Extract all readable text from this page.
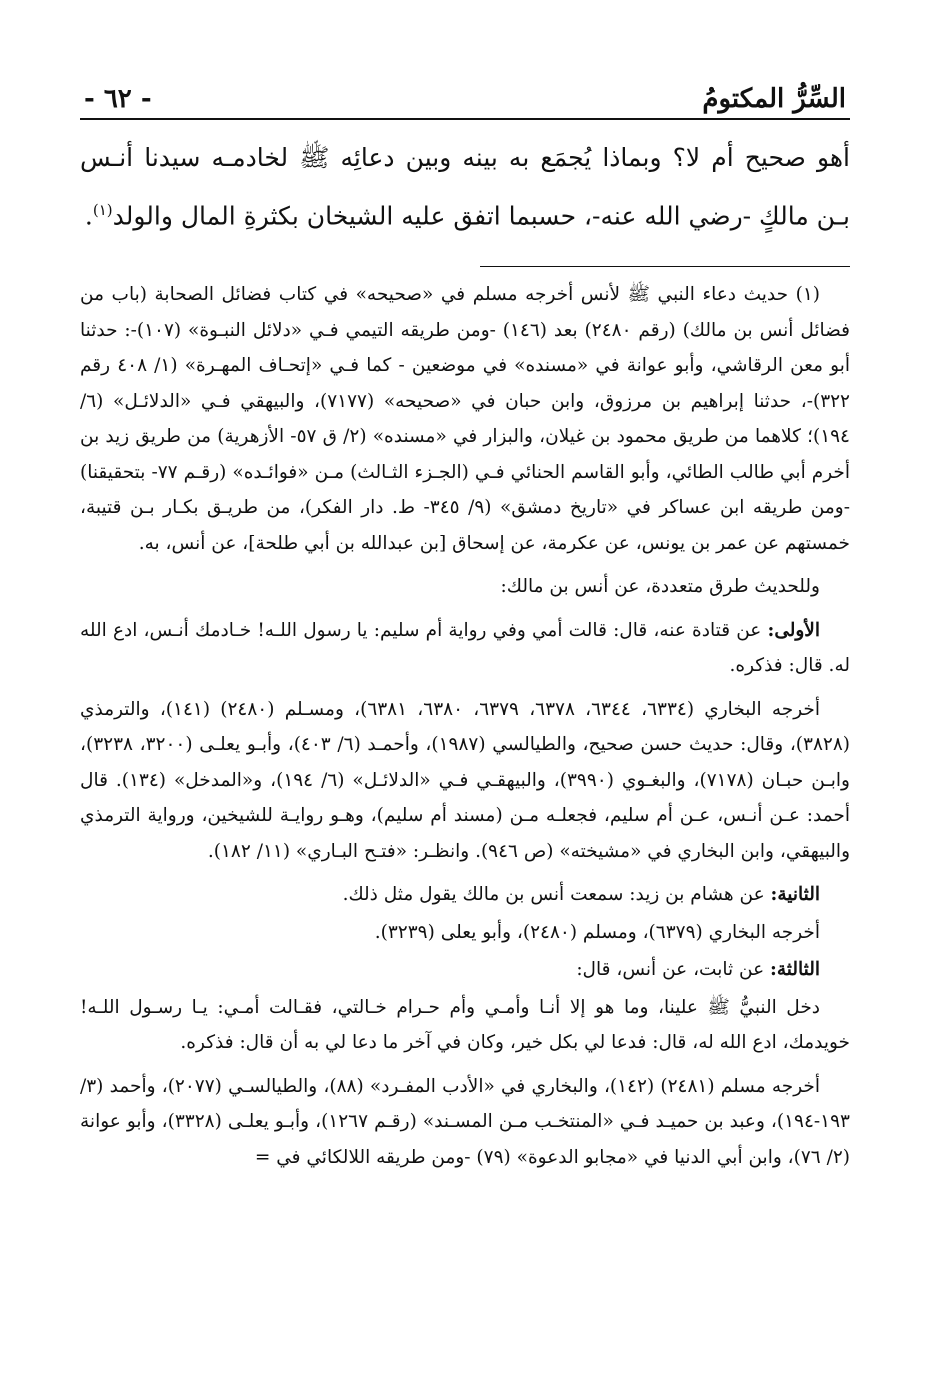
السِّرُّ المكتومُ
- ٦٢ -

أهو صحيح أم لا؟ وبماذا يُجمَع به بينه وبين دعائِه ﷺ لخادمـه سيدنا أنـس بـن مالكٍ -رضي الله عنه-، حسبما اتفق عليه الشيخان بكثرةِ المال والولد$^{(١)}$.

(١) حديث دعاء النبي ﷺ لأنس أخرجه مسلم في «صحيحه» في كتاب فضائل الصحابة (باب من فضائل أنس بن مالك) (رقم ٢٤٨٠) بعد (١٤٦) -ومن طريقه التيمي فـي «دلائل النبـوة» (١٠٧)-: حدثنا أبو معن الرقاشي، وأبو عوانة في «مسنده» في موضعين - كما فـي «إتحـاف المهـرة» (١/ ٤٠٨ رقم ٣٢٢)-، حدثنا إبراهيم بن مرزوق، وابن حبان في «صحيحه» (٧١٧٧)، والبيهقي فـي «الدلائـل» (٦/ ١٩٤)؛ كلاهما من طريق محمود بن غيلان، والبزار في «مسنده» (٢/ ق ٥٧- الأزهرية) من طريق زيد بن أخرم أبي طالب الطائي، وأبو القاسم الحنائي فـي (الجـزء الثـالث) مـن «فوائـده» (رقـم ٧٧- بتحقيقنا) -ومن طريقه ابن عساكر في «تاريخ دمشق» (٩/ ٣٤٥- ط. دار الفكر)، من طريـق بكـار بـن قتيبة، خمستهم عن عمر بن يونس، عن عكرمة، عن إسحاق [بن عبدالله بن أبي طلحة]، عن أنس، به.

وللحديث طرق متعددة، عن أنس بن مالك:

الأولى: عن قتادة عنه، قال: قالت أمي وفي رواية أم سليم: يا رسول اللـه! خـادمك أنـس، ادع الله له. قال: فذكره.

أخرجه البخاري (٦٣٣٤، ٦٣٤٤، ٦٣٧٨، ٦٣٧٩، ٦٣٨٠، ٦٣٨١)، ومسـلم (٢٤٨٠) (١٤١)، والترمذي (٣٨٢٨)، وقال: حديث حسن صحيح، والطيالسي (١٩٨٧)، وأحمـد (٦/ ٤٠٣)، وأبـو يعلـى (٣٢٠٠، ٣٢٣٨)، وابـن حبـان (٧١٧٨)، والبغـوي (٣٩٩٠)، والبيهقـي فـي «الدلائـل» (٦/ ١٩٤)، و«المدخل» (١٣٤). قال أحمد: عـن أنـس، عـن أم سليم، فجعلـه مـن (مسند أم سليم)، وهـو روايـة للشيخين، ورواية الترمذي والبيهقي، وابن البخاري في «مشيخته» (ص ٩٤٦). وانظـر: «فتـح البـاري» (١١/ ١٨٢).

الثانية: عن هشام بن زيد: سمعت أنس بن مالك يقول مثل ذلك.

أخرجه البخاري (٦٣٧٩)، ومسلم (٢٤٨٠)، وأبو يعلى (٣٢٣٩).

الثالثة: عن ثابت، عن أنس، قال:

دخل النبيُّ ﷺ علينا، وما هو إلا أنـا وأمـي وأم حـرام خـالتي، فقـالت أمـي: يـا رسـول اللـه! خويدمك، ادع الله له، قال: فدعا لي بكل خير، وكان في آخر ما دعا لي به أن قال: فذكره.

أخرجه مسلم (٢٤٨١) (١٤٢)، والبخاري في «الأدب المفـرد» (٨٨)، والطيالسـي (٢٠٧٧)، وأحمد (٣/ ١٩٣-١٩٤)، وعبد بن حميـد فـي «المنتخـب مـن المسـند» (رقـم ١٢٦٧)، وأبـو يعلـى (٣٣٢٨)، وأبو عوانة (٢/ ٧٦)، وابن أبي الدنيا في «مجابو الدعوة» (٧٩) -ومن طريقه اللالكائي في =
